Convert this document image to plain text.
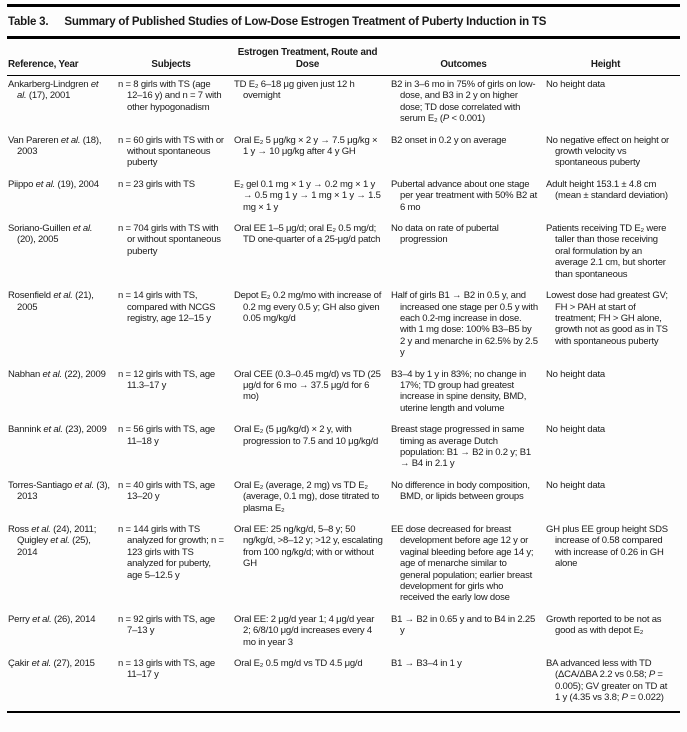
Table 3. Summary of Published Studies of Low-Dose Estrogen Treatment of Puberty Induction in TS
Reference, Year	Subjects	Estrogen Treatment, Route and Dose	Outcomes	Height
Ankarberg-Lindgren et al. (17), 2001	n = 8 girls with TS (age 12–16 y) and n = 7 with other hypogonadism	TD E₂ 6–18 μg given just 12 h overnight	B2 in 3–6 mo in 75% of girls on low-dose, and B3 in 2 y on higher dose; TD dose correlated with serum E₂ (P < 0.001)	No height data
Van Pareren et al. (18), 2003	n = 60 girls with TS with or without spontaneous puberty	Oral E₂ 5 μg/kg × 2 y → 7.5 μg/kg × 1 y → 10 μg/kg after 4 y GH	B2 onset in 0.2 y on average	No negative effect on height or growth velocity vs spontaneous puberty
Piippo et al. (19), 2004	n = 23 girls with TS	E₂ gel 0.1 mg × 1 y → 0.2 mg × 1 y → 0.5 mg 1 y → 1 mg × 1 y → 1.5 mg × 1 y	Pubertal advance about one stage per year treatment with 50% B2 at 6 mo	Adult height 153.1 ± 4.8 cm (mean ± standard deviation)
Soriano-Guillen et al. (20), 2005	n = 704 girls with TS with or without spontaneous puberty	Oral EE 1–5 μg/d; oral E₂ 0.5 mg/d; TD one-quarter of a 25-μg/d patch	No data on rate of pubertal progression	Patients receiving TD E₂ were taller than those receiving oral formulation by an average 2.1 cm, but shorter than spontaneous
Rosenfield et al. (21), 2005	n = 14 girls with TS, compared with NCGS registry, age 12–15 y	Depot E₂ 0.2 mg/mo with increase of 0.2 mg every 0.5 y; GH also given 0.05 mg/kg/d	Half of girls B1 → B2 in 0.5 y, and increased one stage per 0.5 y with each 0.2-mg increase in dose. with 1 mg dose: 100% B3–B5 by 2 y and menarche in 62.5% by 2.5 y	Lowest dose had greatest GV; FH > PAH at start of treatment; FH > GH alone, growth not as good as in TS with spontaneous puberty
Nabhan et al. (22), 2009	n = 12 girls with TS, age 11.3–17 y	Oral CEE (0.3–0.45 mg/d) vs TD (25 μg/d for 6 mo → 37.5 μg/d for 6 mo)	B3–4 by 1 y in 83%; no change in 17%; TD group had greatest increase in spine density, BMD, uterine length and volume	No height data
Bannink et al. (23), 2009	n = 56 girls with TS, age 11–18 y	Oral E₂ (5 μg/kg/d) × 2 y, with progression to 7.5 and 10 μg/kg/d	Breast stage progressed in same timing as average Dutch population: B1 → B2 in 0.2 y; B1 → B4 in 2.1 y	No height data
Torres-Santiago et al. (3), 2013	n = 40 girls with TS, age 13–20 y	Oral E₂ (average, 2 mg) vs TD E₂ (average, 0.1 mg), dose titrated to plasma E₂	No difference in body composition, BMD, or lipids between groups	No height data
Ross et al. (24), 2011; Quigley et al. (25), 2014	n = 144 girls with TS analyzed for growth; n = 123 girls with TS analyzed for puberty, age 5–12.5 y	Oral EE: 25 ng/kg/d, 5–8 y; 50 ng/kg/d, >8–12 y; >12 y, escalating from 100 ng/kg/d; with or without GH	EE dose decreased for breast development before age 12 y or vaginal bleeding before age 14 y; age of menarche similar to general population; earlier breast development for girls who received the early low dose	GH plus EE group height SDS increase of 0.58 compared with increase of 0.26 in GH alone
Perry et al. (26), 2014	n = 92 girls with TS, age 7–13 y	Oral EE: 2 μg/d year 1; 4 μg/d year 2; 6/8/10 μg/d increases every 4 mo in year 3	B1 → B2 in 0.65 y and to B4 in 2.25 y	Growth reported to be not as good as with depot E₂
Çakir et al. (27), 2015	n = 13 girls with TS, age 11–17 y	Oral E₂ 0.5 mg/d vs TD 4.5 μg/d	B1 → B3–4 in 1 y	BA advanced less with TD (ΔCA/ΔBA 2.2 vs 0.58; P = 0.005); GV greater on TD at 1 y (4.35 vs 3.8; P = 0.022)
